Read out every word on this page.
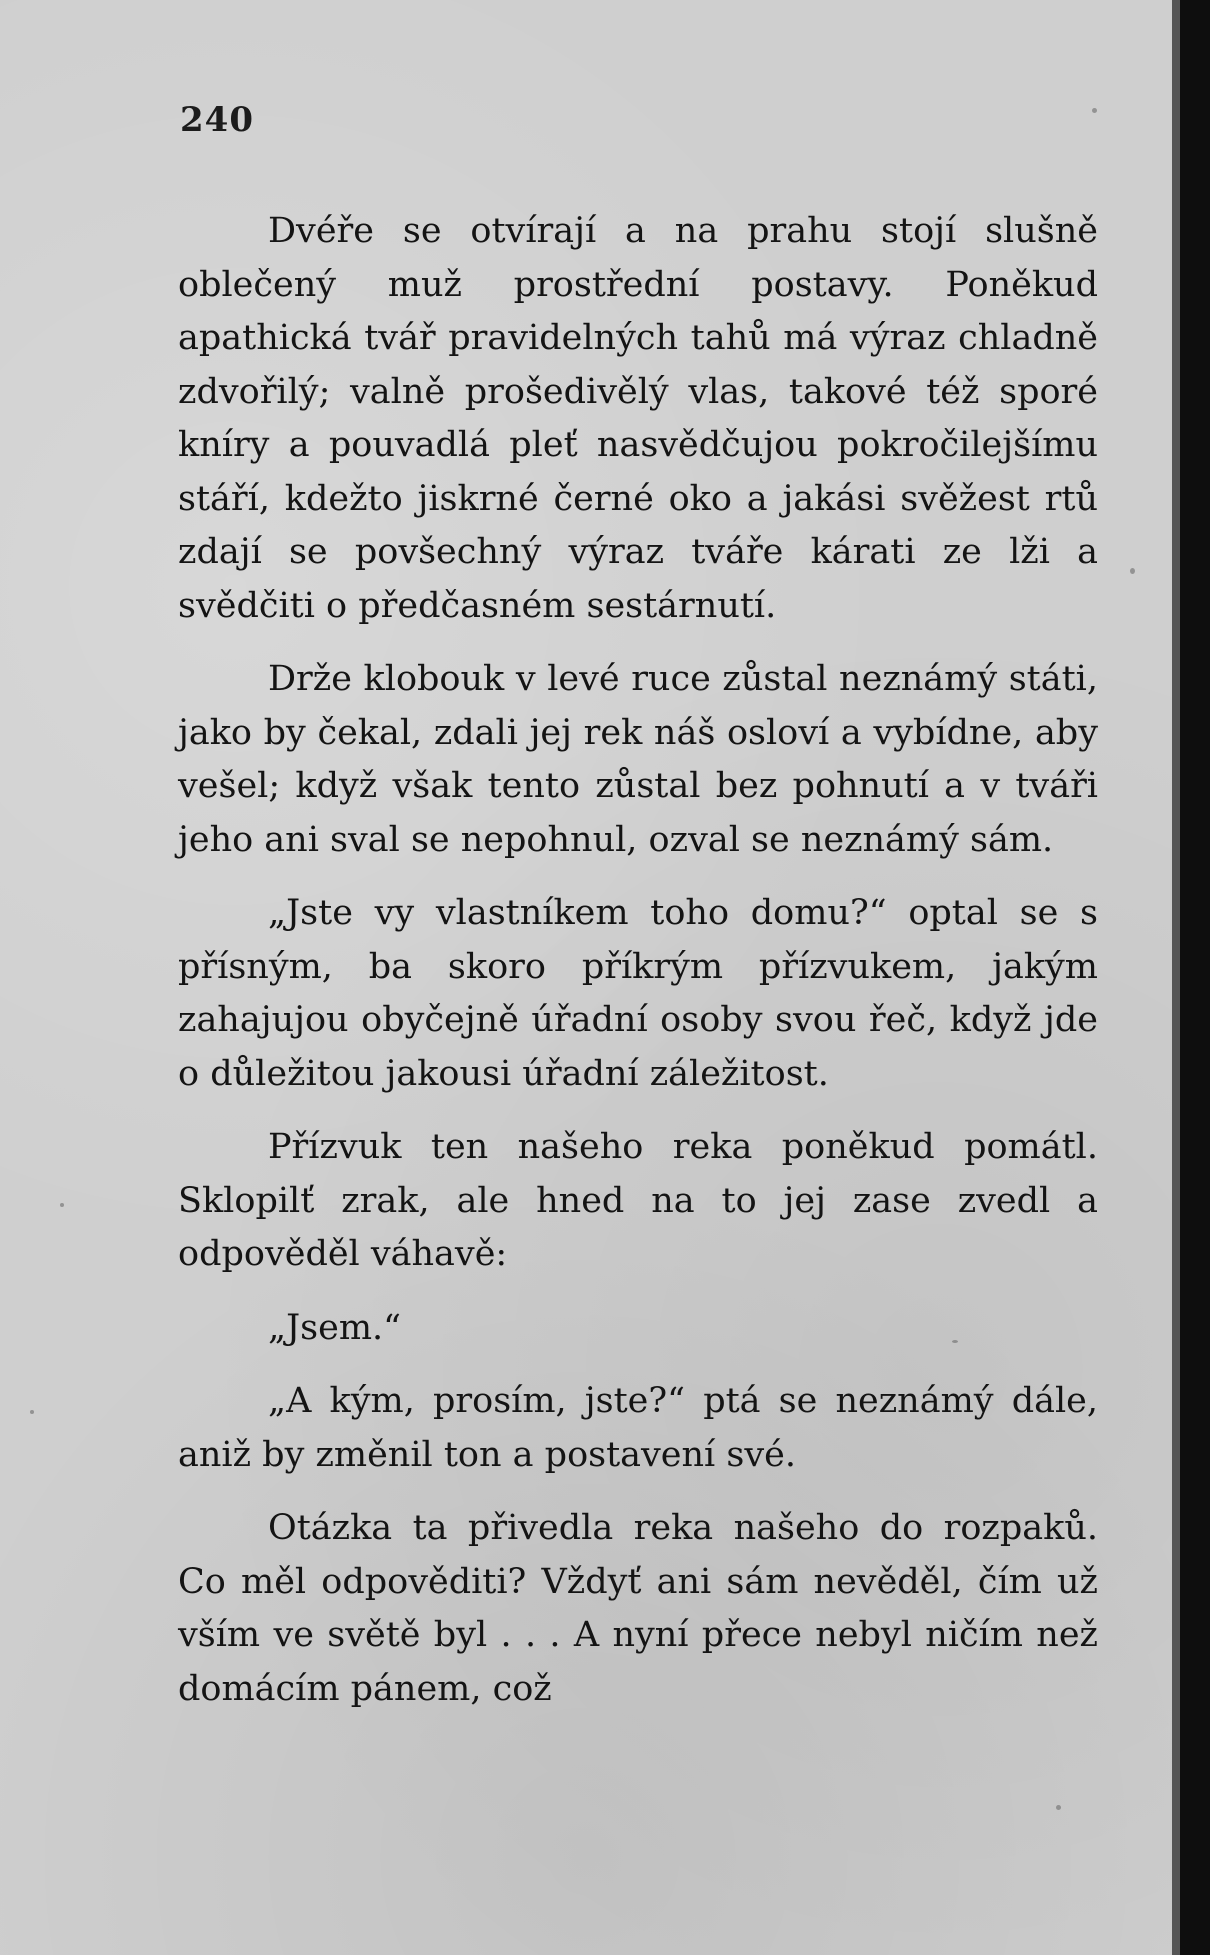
240

Dvéře se otvírají a na prahu stojí slušně oblečený muž prostřední postavy. Poněkud apathická tvář pravidelných tahů má výraz chladně zdvořilý; valně prošedivělý vlas, takové též sporé kníry a pouvadlá pleť nasvědčujou pokročilejšímu stáří, kdežto jiskrné černé oko a jakási svěžest rtů zdají se povšechný výraz tváře kárati ze lži a svědčiti o předčasném sestárnutí.

Drže klobouk v levé ruce zůstal neznámý státi, jako by čekal, zdali jej rek náš osloví a vybídne, aby vešel; když však tento zůstal bez pohnutí a v tváři jeho ani sval se nepohnul, ozval se neznámý sám.

„Jste vy vlastníkem toho domu?“ optal se s přísným, ba skoro příkrým přízvukem, jakým zahajujou obyčejně úřadní osoby svou řeč, když jde o důležitou jakousi úřadní záležitost.

Přízvuk ten našeho reka poněkud pomátl. Sklopilť zrak, ale hned na to jej zase zvedl a odpověděl váhavě:

„Jsem.“

„A kým, prosím, jste?“ ptá se neznámý dále, aniž by změnil ton a postavení své.

Otázka ta přivedla reka našeho do rozpaků. Co měl odpověditi? Vždyť ani sám nevěděl, čím už vším ve světě byl . . . A nyní přece nebyl ničím než domácím pánem, což
